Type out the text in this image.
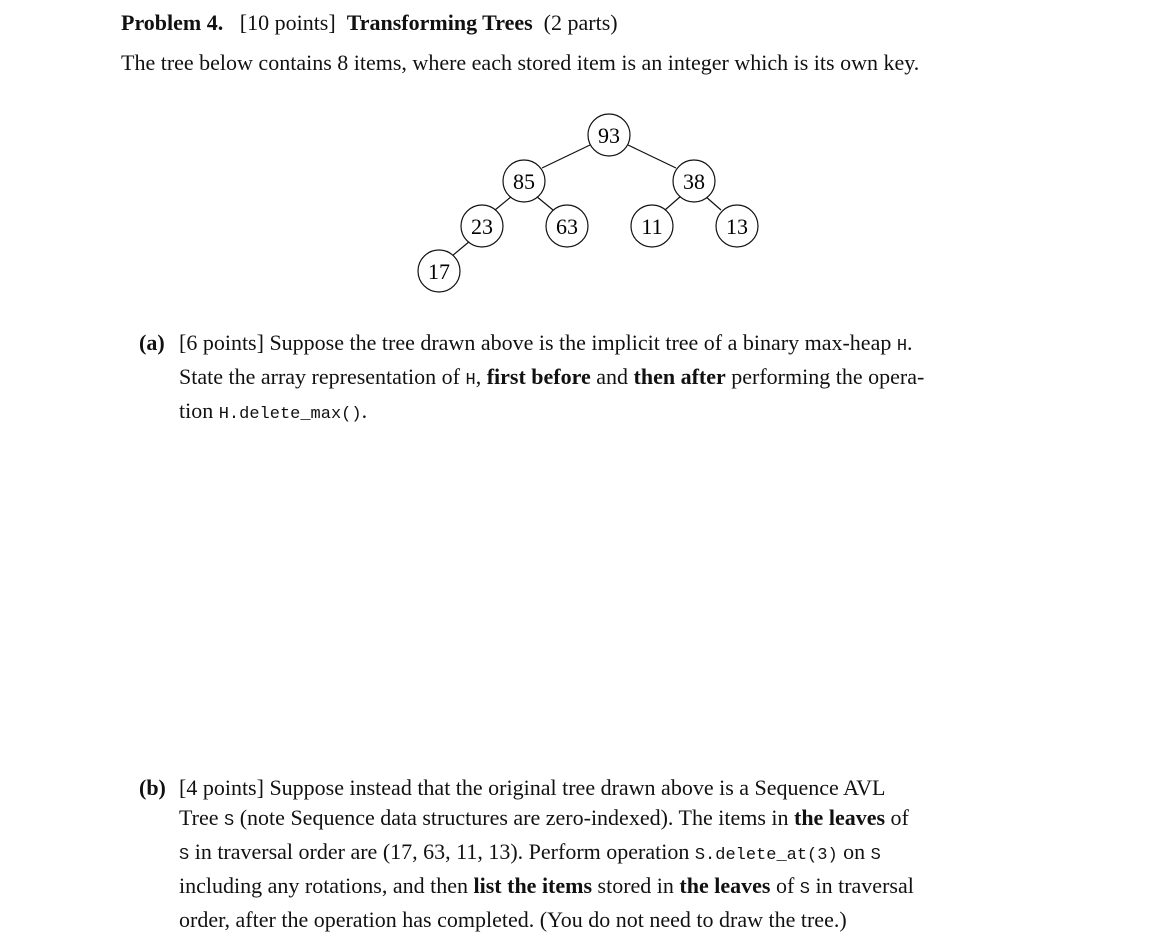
Problem 4. [10 points] Transforming Trees (2 parts)
The tree below contains 8 items, where each stored item is an integer which is its own key.
93
85	38
23	63	11	13
17
(a) [6 points] Suppose the tree drawn above is the implicit tree of a binary max-heap H.
State the array representation of H, first before and then after performing the opera-
tion H.delete_max().
(b) [4 points] Suppose instead that the original tree drawn above is a Sequence AVL
Tree S (note Sequence data structures are zero-indexed). The items in the leaves of
S in traversal order are (17, 63, 11, 13). Perform operation S.delete_at(3) on S
including any rotations, and then list the items stored in the leaves of S in traversal
order, after the operation has completed. (You do not need to draw the tree.)
